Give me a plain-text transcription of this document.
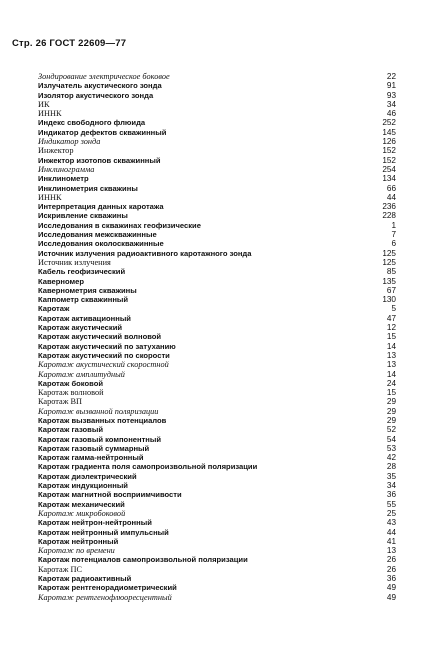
Стр. 26 ГОСТ 22609—77
Зондирование электрическое боковое	22
Излучатель акустического зонда	91
Изолятор акустического зонда	93
ИК	34
ИННК	46
Индекс свободного флюида	252
Индикатор дефектов скважинный	145
Индикатор зонда	126
Инжектор	152
Инжектор изотопов скважинный	152
Инклинограмма	254
Инклинометр	134
Инклинометрия скважины	66
ИННК	44
Интерпретация данных каротажа	236
Искривление скважины	228
Исследования в скважинах геофизические	1
Исследования межскважинные	7
Исследования околоскважинные	6
Источник излучения радиоактивного каротажного зонда	125
Источник излучения	125
Кабель геофизический	85
Каверномер	135
Кавернометрия скважины	67
Каппометр скважинный	130
Каротаж	5
Каротаж активационный	47
Каротаж акустический	12
Каротаж акустический волновой	15
Каротаж акустический по затуханию	14
Каротаж акустический по скорости	13
Каротаж акустический скоростной	13
Каротаж амплитудный	14
Каротаж боковой	24
Каротаж волновой	15
Каротаж ВП	29
Каротаж вызванной поляризации	29
Каротаж вызванных потенциалов	29
Каротаж газовый	52
Каротаж газовый компонентный	54
Каротаж газовый суммарный	53
Каротаж гамма-нейтронный	42
Каротаж градиента поля самопроизвольной поляризации	28
Каротаж диэлектрический	35
Каротаж индукционный	34
Каротаж магнитной восприимчивости	36
Каротаж механический	55
Каротаж микробоковой	25
Каротаж нейтрон-нейтронный	43
Каротаж нейтронный импульсный	44
Каротаж нейтронный	41
Каротаж по времени	13
Каротаж потенциалов самопроизвольной поляризации	26
Каротаж ПС	26
Каротаж радиоактивный	36
Каротаж рентгенорадиометрический	49
Каротаж рентгенофлюоресцентный	49
